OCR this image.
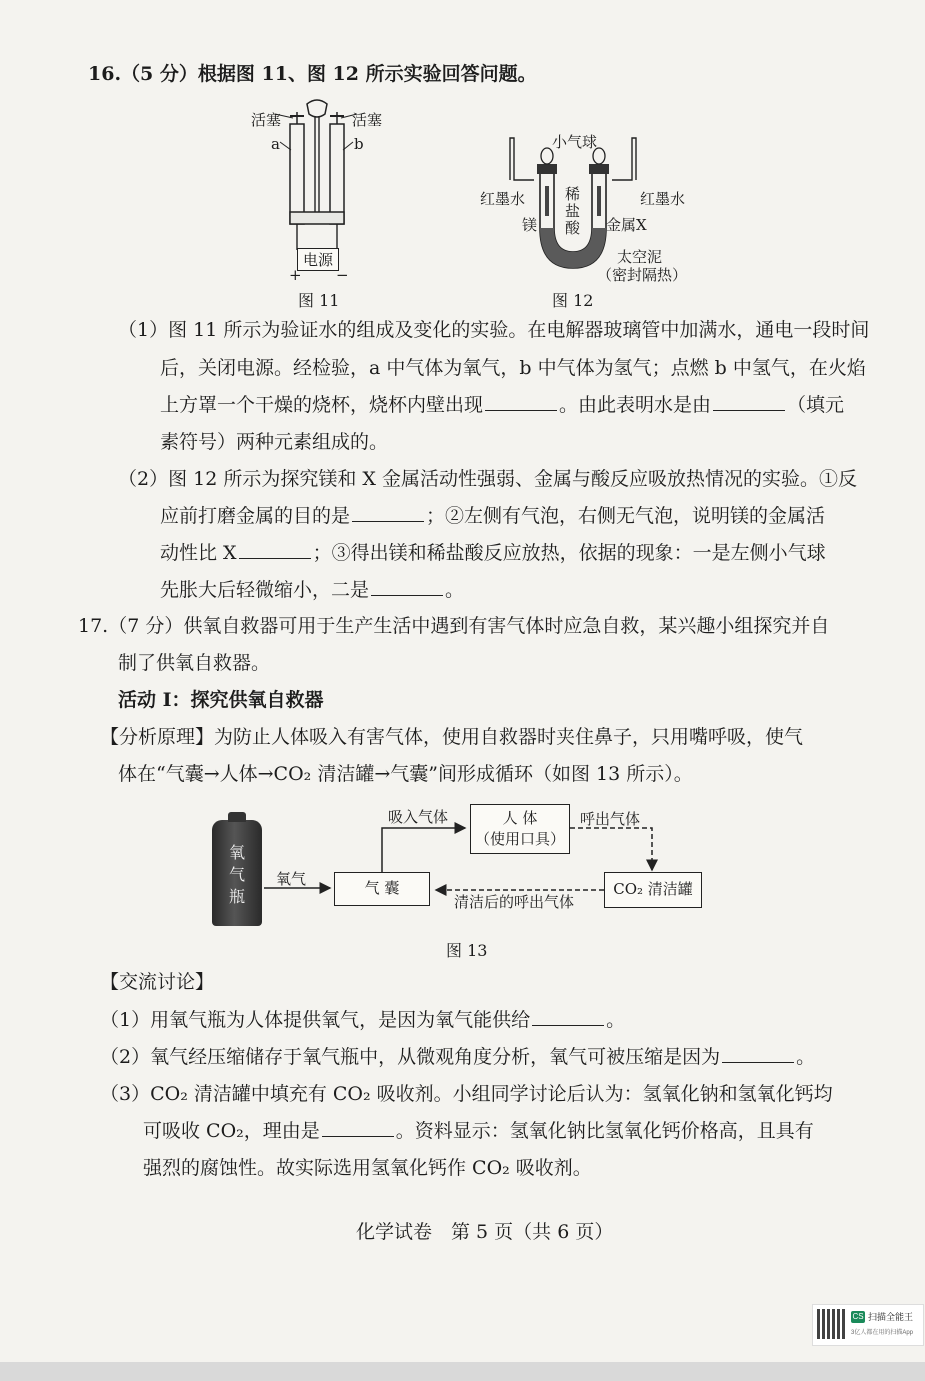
16.（5 分）根据图 11、图 12 所示实验回答问题。
活塞	活塞
a	b
电源
+ −
图 11
小气球
红墨水	红墨水
稀
盐
酸
镁	金属X
太空泥
（密封隔热）
图 12
（1）图 11 所示为验证水的组成及变化的实验。在电解器玻璃管中加满水，通电一段时间
后，关闭电源。经检验，a 中气体为氧气，b 中气体为氢气；点燃 b 中氢气，在火焰
上方罩一个干燥的烧杯，烧杯内壁出现	。由此表明水是由	（填元
素符号）两种元素组成的。
（2）图 12 所示为探究镁和 X 金属活动性强弱、金属与酸反应吸放热情况的实验。①反
应前打磨金属的目的是	；②左侧有气泡，右侧无气泡，说明镁的金属活
动性比 X	；③得出镁和稀盐酸反应放热，依据的现象：一是左侧小气球
先胀大后轻微缩小，二是	。
17.（7 分）供氧自救器可用于生产生活中遇到有害气体时应急自救，某兴趣小组探究并自
制了供氧自救器。
活动 I：探究供氧自救器
【分析原理】为防止人体吸入有害气体，使用自救器时夹住鼻子，只用嘴呼吸，使气
体在“气囊→人体→CO₂ 清洁罐→气囊”间形成循环（如图 13 所示）。
氧
气
瓶
氧气	气 囊
吸入气体	人 体
（使用口具）
呼出气体
CO₂ 清洁罐
清洁后的呼出气体
图 13
【交流讨论】
（1）用氧气瓶为人体提供氧气，是因为氧气能供给	。
（2）氧气经压缩储存于氧气瓶中，从微观角度分析，氧气可被压缩是因为	。
（3）CO₂ 清洁罐中填充有 CO₂ 吸收剂。小组同学讨论后认为：氢氧化钠和氢氧化钙均
可吸收 CO₂，理由是	。资料显示：氢氧化钠比氢氧化钙价格高，且具有
强烈的腐蚀性。故实际选用氢氧化钙作 CO₂ 吸收剂。
化学试卷　第 5 页（共 6 页）
CS 扫描全能王
3亿人都在用的扫描App
